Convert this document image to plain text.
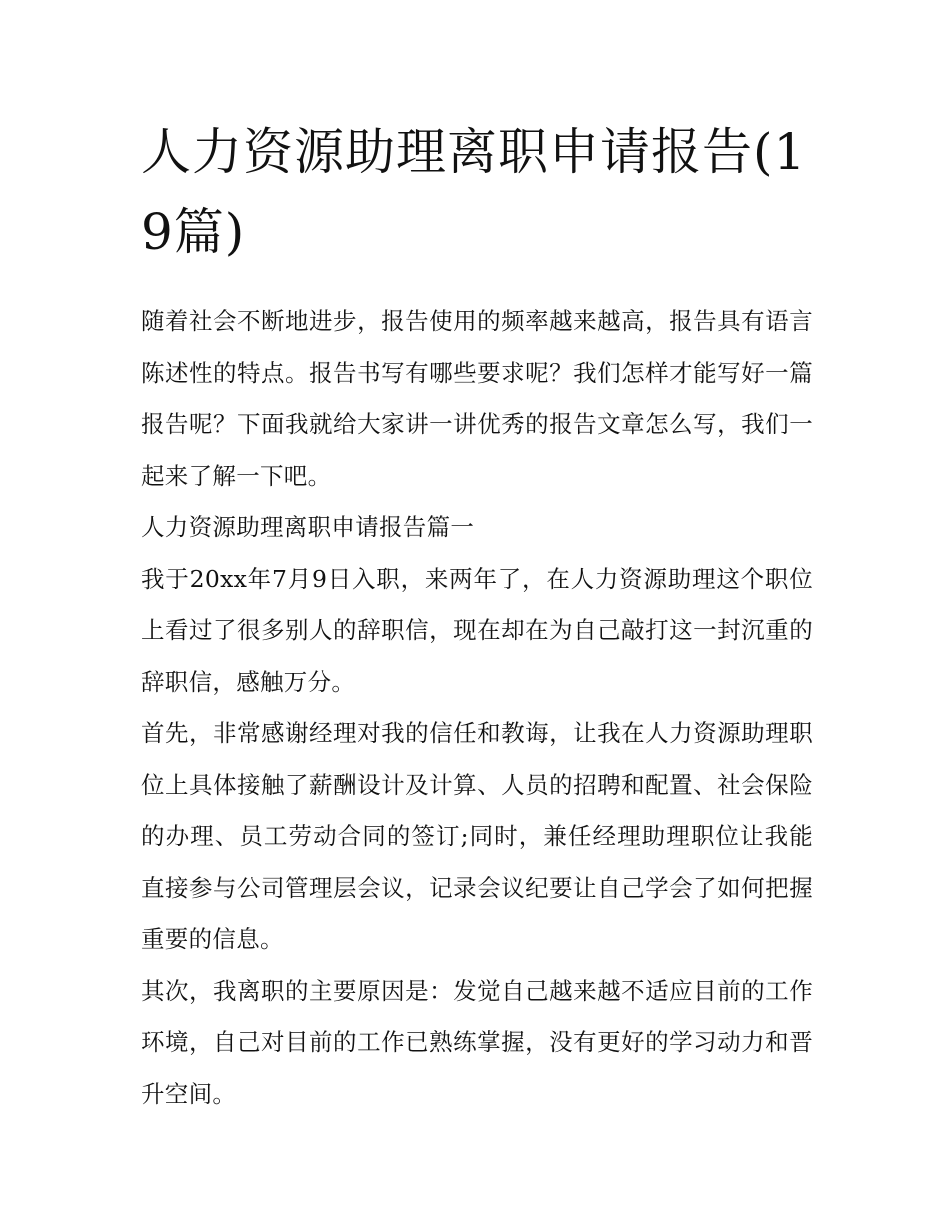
人力资源助理离职申请报告(19篇)

随着社会不断地进步，报告使用的频率越来越高，报告具有语言陈述性的特点。报告书写有哪些要求呢？我们怎样才能写好一篇报告呢？下面我就给大家讲一讲优秀的报告文章怎么写，我们一起来了解一下吧。

人力资源助理离职申请报告篇一

我于20xx年7月9日入职，来两年了，在人力资源助理这个职位上看过了很多别人的辞职信，现在却在为自己敲打这一封沉重的辞职信，感触万分。

首先，非常感谢经理对我的信任和教诲，让我在人力资源助理职位上具体接触了薪酬设计及计算、人员的招聘和配置、社会保险的办理、员工劳动合同的签订;同时，兼任经理助理职位让我能直接参与公司管理层会议，记录会议纪要让自己学会了如何把握重要的信息。

其次，我离职的主要原因是：发觉自己越来越不适应目前的工作环境，自己对目前的工作已熟练掌握，没有更好的学习动力和晋升空间。
